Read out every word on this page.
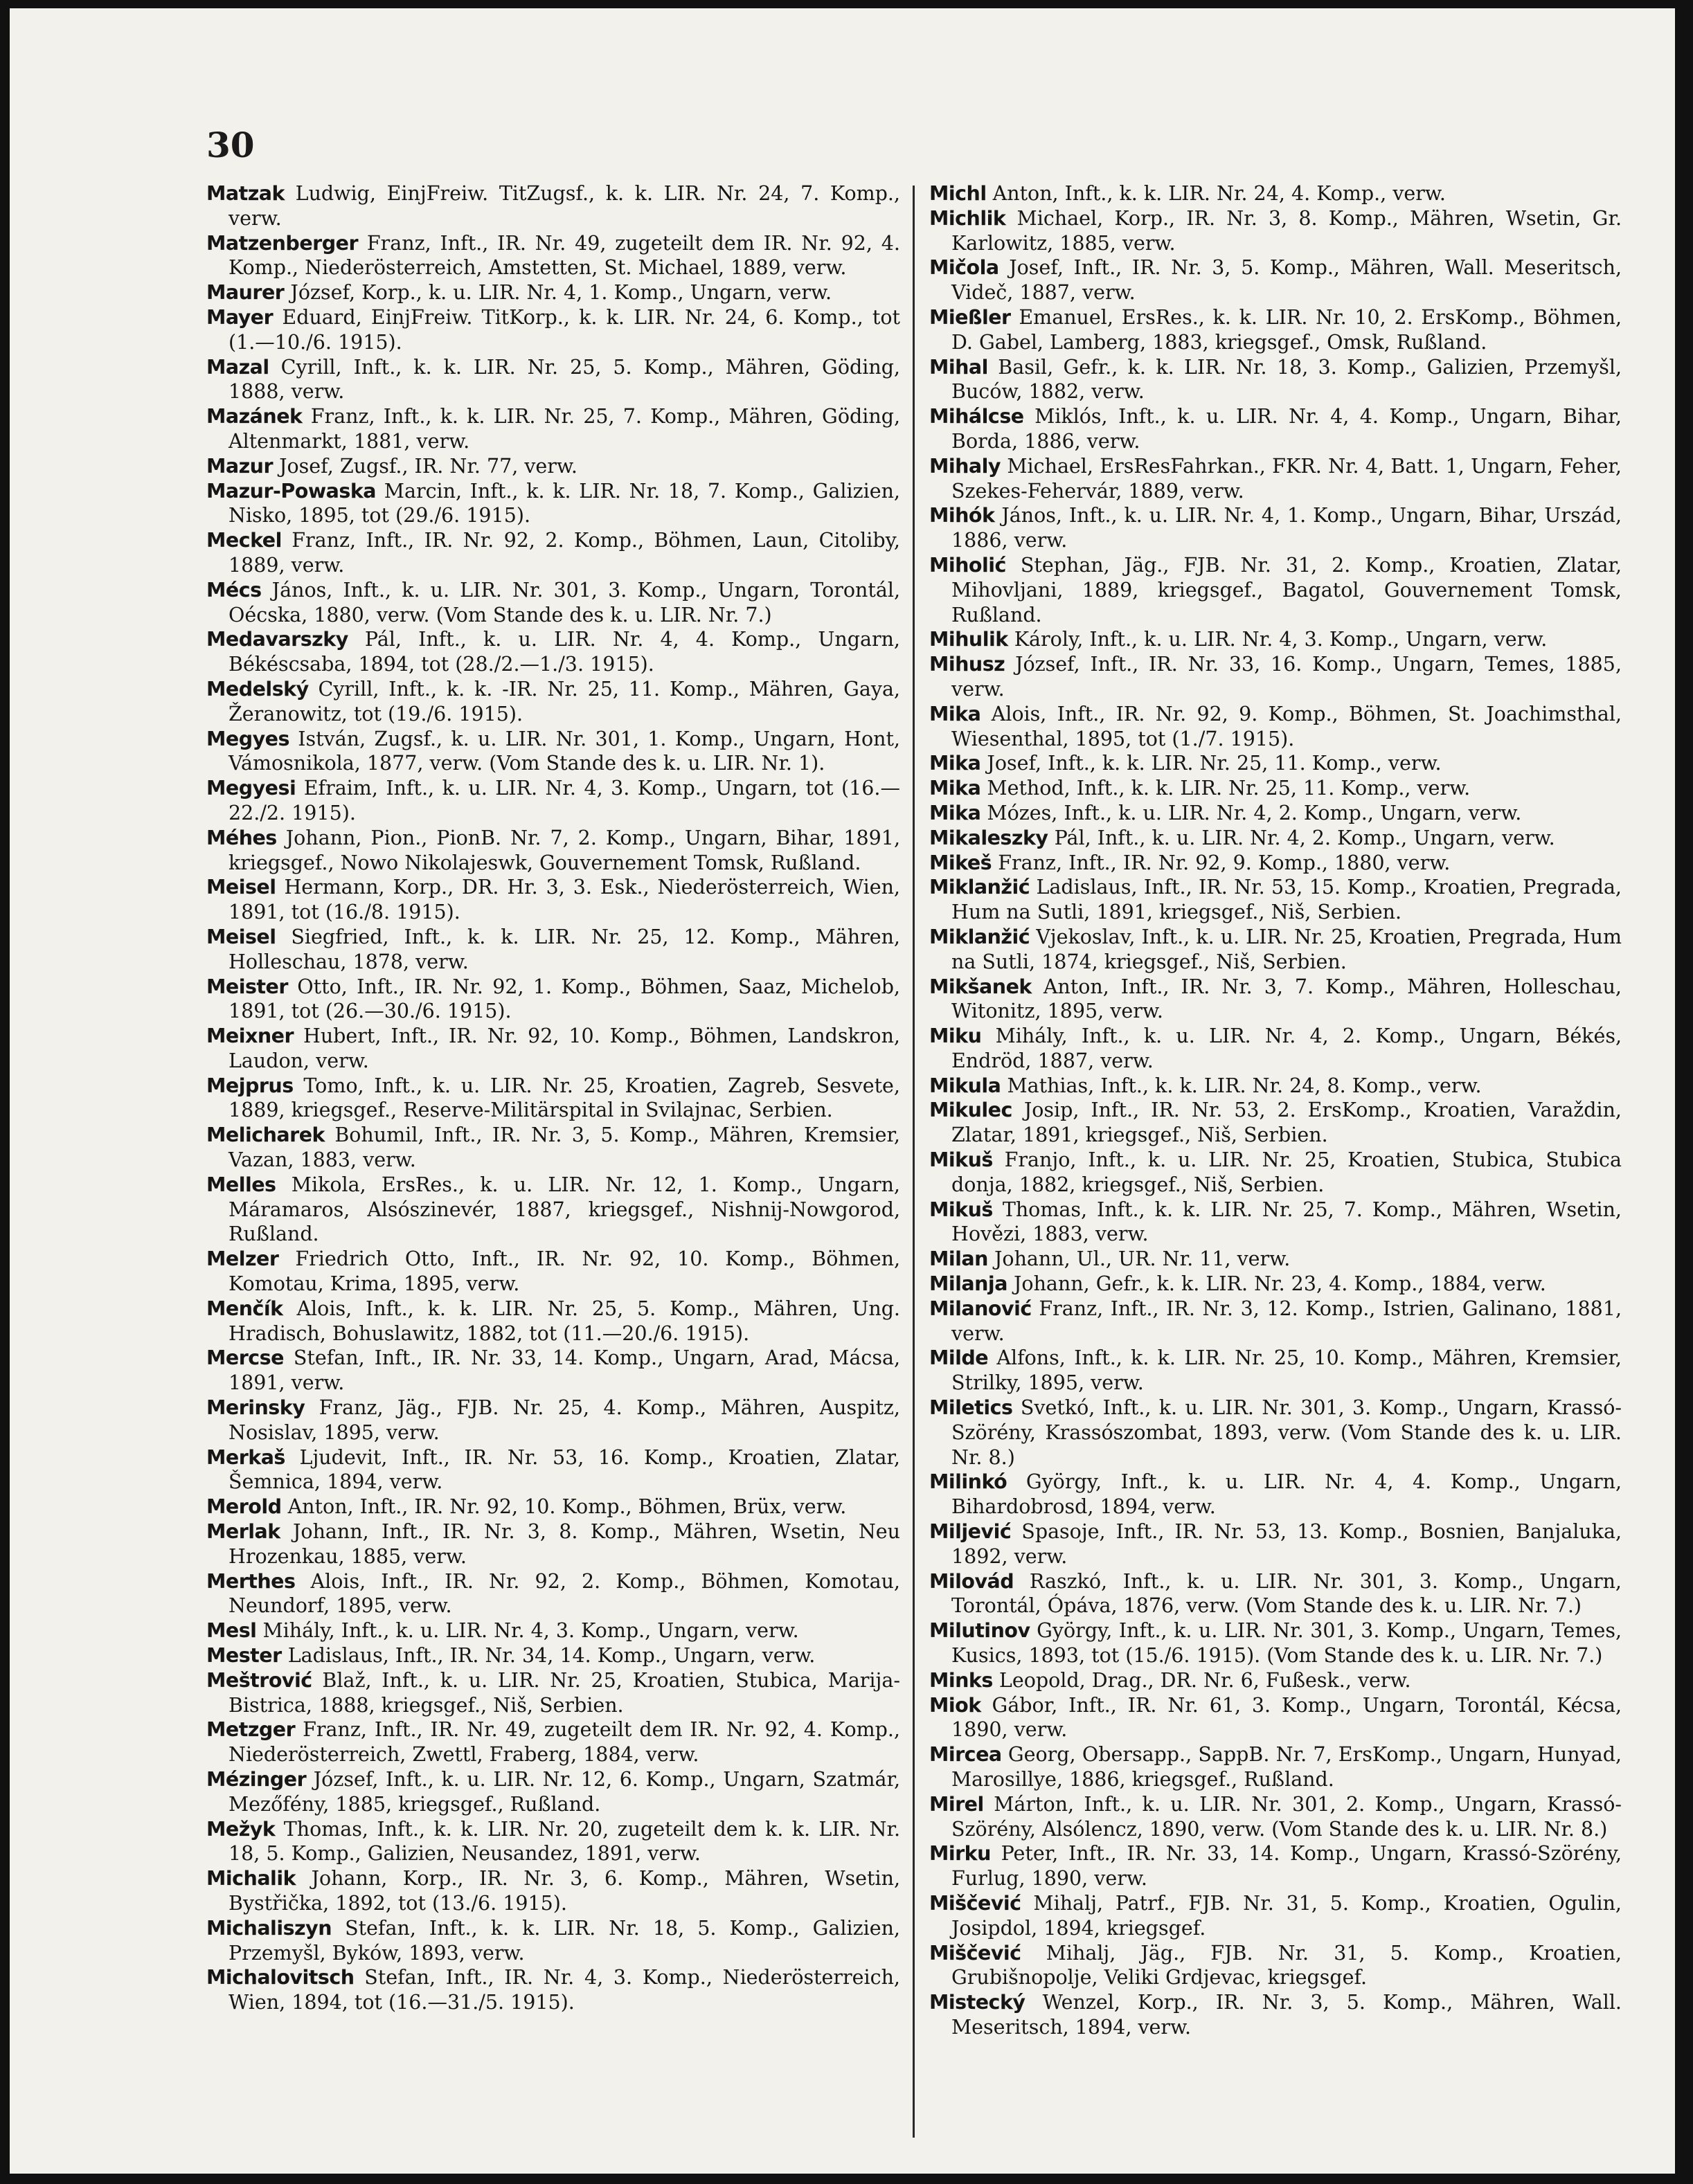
30
Matzak Ludwig, EinjFreiw. TitZugsf., k. k. LIR. Nr. 24, 7. Komp., verw.
Matzenberger Franz, Inft., IR. Nr. 49, zugeteilt dem IR. Nr. 92, 4. Komp., Niederösterreich, Amstetten, St. Michael, 1889, verw.
Maurer József, Korp., k. u. LIR. Nr. 4, 1. Komp., Ungarn, verw.
Mayer Eduard, EinjFreiw. TitKorp., k. k. LIR. Nr. 24, 6. Komp., tot (1.—10./6. 1915).
Mazal Cyrill, Inft., k. k. LIR. Nr. 25, 5. Komp., Mähren, Göding, 1888, verw.
Mazánek Franz, Inft., k. k. LIR. Nr. 25, 7. Komp., Mähren, Göding, Altenmarkt, 1881, verw.
Mazur Josef, Zugsf., IR. Nr. 77, verw.
Mazur-Powaska Marcin, Inft., k. k. LIR. Nr. 18, 7. Komp., Galizien, Nisko, 1895, tot (29./6. 1915).
Meckel Franz, Inft., IR. Nr. 92, 2. Komp., Böhmen, Laun, Citoliby, 1889, verw.
Mécs János, Inft., k. u. LIR. Nr. 301, 3. Komp., Ungarn, Torontál, Oécska, 1880, verw. (Vom Stande des k. u. LIR. Nr. 7.)
Medavarszky Pál, Inft., k. u. LIR. Nr. 4, 4. Komp., Ungarn, Békéscsaba, 1894, tot (28./2.—1./3. 1915).
Medelský Cyrill, Inft., k. k. -IR. Nr. 25, 11. Komp., Mähren, Gaya, Žeranowitz, tot (19./6. 1915).
Megyes István, Zugsf., k. u. LIR. Nr. 301, 1. Komp., Ungarn, Hont, Vámosnikola, 1877, verw. (Vom Stande des k. u. LIR. Nr. 1).
Megyesi Efraim, Inft., k. u. LIR. Nr. 4, 3. Komp., Ungarn, tot (16.—22./2. 1915).
Méhes Johann, Pion., PionB. Nr. 7, 2. Komp., Ungarn, Bihar, 1891, kriegsgef., Nowo Nikolajeswk, Gouvernement Tomsk, Rußland.
Meisel Hermann, Korp., DR. Hr. 3, 3. Esk., Niederösterreich, Wien, 1891, tot (16./8. 1915).
Meisel Siegfried, Inft., k. k. LIR. Nr. 25, 12. Komp., Mähren, Holleschau, 1878, verw.
Meister Otto, Inft., IR. Nr. 92, 1. Komp., Böhmen, Saaz, Michelob, 1891, tot (26.—30./6. 1915).
Meixner Hubert, Inft., IR. Nr. 92, 10. Komp., Böhmen, Landskron, Laudon, verw.
Mejprus Tomo, Inft., k. u. LIR. Nr. 25, Kroatien, Zagreb, Sesvete, 1889, kriegsgef., Reserve-Militärspital in Svilajnac, Serbien.
Melicharek Bohumil, Inft., IR. Nr. 3, 5. Komp., Mähren, Kremsier, Vazan, 1883, verw.
Melles Mikola, ErsRes., k. u. LIR. Nr. 12, 1. Komp., Ungarn, Máramaros, Alsószinevér, 1887, kriegsgef., Nishnij-Nowgorod, Rußland.
Melzer Friedrich Otto, Inft., IR. Nr. 92, 10. Komp., Böhmen, Komotau, Krima, 1895, verw.
Menčík Alois, Inft., k. k. LIR. Nr. 25, 5. Komp., Mähren, Ung. Hradisch, Bohuslawitz, 1882, tot (11.—20./6. 1915).
Mercse Stefan, Inft., IR. Nr. 33, 14. Komp., Ungarn, Arad, Mácsa, 1891, verw.
Merinsky Franz, Jäg., FJB. Nr. 25, 4. Komp., Mähren, Auspitz, Nosislav, 1895, verw.
Merkaš Ljudevit, Inft., IR. Nr. 53, 16. Komp., Kroatien, Zlatar, Šemnica, 1894, verw.
Merold Anton, Inft., IR. Nr. 92, 10. Komp., Böhmen, Brüx, verw.
Merlak Johann, Inft., IR. Nr. 3, 8. Komp., Mähren, Wsetin, Neu Hrozenkau, 1885, verw.
Merthes Alois, Inft., IR. Nr. 92, 2. Komp., Böhmen, Komotau, Neundorf, 1895, verw.
Mesl Mihály, Inft., k. u. LIR. Nr. 4, 3. Komp., Ungarn, verw.
Mester Ladislaus, Inft., IR. Nr. 34, 14. Komp., Ungarn, verw.
Meštrović Blaž, Inft., k. u. LIR. Nr. 25, Kroatien, Stubica, Marija-Bistrica, 1888, kriegsgef., Niš, Serbien.
Metzger Franz, Inft., IR. Nr. 49, zugeteilt dem IR. Nr. 92, 4. Komp., Niederösterreich, Zwettl, Fraberg, 1884, verw.
Mézinger József, Inft., k. u. LIR. Nr. 12, 6. Komp., Ungarn, Szatmár, Mezőfény, 1885, kriegsgef., Rußland.
Mežyk Thomas, Inft., k. k. LIR. Nr. 20, zugeteilt dem k. k. LIR. Nr. 18, 5. Komp., Galizien, Neusandez, 1891, verw.
Michalik Johann, Korp., IR. Nr. 3, 6. Komp., Mähren, Wsetin, Bystřička, 1892, tot (13./6. 1915).
Michaliszyn Stefan, Inft., k. k. LIR. Nr. 18, 5. Komp., Galizien, Przemyšl, Byków, 1893, verw.
Michalovitsch Stefan, Inft., IR. Nr. 4, 3. Komp., Niederösterreich, Wien, 1894, tot (16.—31./5. 1915).
Michl Anton, Inft., k. k. LIR. Nr. 24, 4. Komp., verw.
Michlik Michael, Korp., IR. Nr. 3, 8. Komp., Mähren, Wsetin, Gr. Karlowitz, 1885, verw.
Mičola Josef, Inft., IR. Nr. 3, 5. Komp., Mähren, Wall. Meseritsch, Videč, 1887, verw.
Mießler Emanuel, ErsRes., k. k. LIR. Nr. 10, 2. ErsKomp., Böhmen, D. Gabel, Lamberg, 1883, kriegsgef., Omsk, Rußland.
Mihal Basil, Gefr., k. k. LIR. Nr. 18, 3. Komp., Galizien, Przemyšl, Buców, 1882, verw.
Mihálcse Miklós, Inft., k. u. LIR. Nr. 4, 4. Komp., Ungarn, Bihar, Borda, 1886, verw.
Mihaly Michael, ErsResFahrkan., FKR. Nr. 4, Batt. 1, Ungarn, Feher, Szekes-Fehervár, 1889, verw.
Mihók János, Inft., k. u. LIR. Nr. 4, 1. Komp., Ungarn, Bihar, Urszád, 1886, verw.
Miholić Stephan, Jäg., FJB. Nr. 31, 2. Komp., Kroatien, Zlatar, Mihovljani, 1889, kriegsgef., Bagatol, Gouvernement Tomsk, Rußland.
Mihulik Károly, Inft., k. u. LIR. Nr. 4, 3. Komp., Ungarn, verw.
Mihusz József, Inft., IR. Nr. 33, 16. Komp., Ungarn, Temes, 1885, verw.
Mika Alois, Inft., IR. Nr. 92, 9. Komp., Böhmen, St. Joachimsthal, Wiesenthal, 1895, tot (1./7. 1915).
Mika Josef, Inft., k. k. LIR. Nr. 25, 11. Komp., verw.
Mika Method, Inft., k. k. LIR. Nr. 25, 11. Komp., verw.
Mika Mózes, Inft., k. u. LIR. Nr. 4, 2. Komp., Ungarn, verw.
Mikaleszky Pál, Inft., k. u. LIR. Nr. 4, 2. Komp., Ungarn, verw.
Mikeš Franz, Inft., IR. Nr. 92, 9. Komp., 1880, verw.
Miklanžić Ladislaus, Inft., IR. Nr. 53, 15. Komp., Kroatien, Pregrada, Hum na Sutli, 1891, kriegsgef., Niš, Serbien.
Miklanžić Vjekoslav, Inft., k. u. LIR. Nr. 25, Kroatien, Pregrada, Hum na Sutli, 1874, kriegsgef., Niš, Serbien.
Mikšanek Anton, Inft., IR. Nr. 3, 7. Komp., Mähren, Holleschau, Witonitz, 1895, verw.
Miku Mihály, Inft., k. u. LIR. Nr. 4, 2. Komp., Ungarn, Békés, Endröd, 1887, verw.
Mikula Mathias, Inft., k. k. LIR. Nr. 24, 8. Komp., verw.
Mikulec Josip, Inft., IR. Nr. 53, 2. ErsKomp., Kroatien, Varaždin, Zlatar, 1891, kriegsgef., Niš, Serbien.
Mikuš Franjo, Inft., k. u. LIR. Nr. 25, Kroatien, Stubica, Stubica donja, 1882, kriegsgef., Niš, Serbien.
Mikuš Thomas, Inft., k. k. LIR. Nr. 25, 7. Komp., Mähren, Wsetin, Hovězi, 1883, verw.
Milan Johann, Ul., UR. Nr. 11, verw.
Milanja Johann, Gefr., k. k. LIR. Nr. 23, 4. Komp., 1884, verw.
Milanović Franz, Inft., IR. Nr. 3, 12. Komp., Istrien, Galinano, 1881, verw.
Milde Alfons, Inft., k. k. LIR. Nr. 25, 10. Komp., Mähren, Kremsier, Strilky, 1895, verw.
Miletics Svetkó, Inft., k. u. LIR. Nr. 301, 3. Komp., Ungarn, Krassó-Szörény, Krassószombat, 1893, verw. (Vom Stande des k. u. LIR. Nr. 8.)
Milinkó György, Inft., k. u. LIR. Nr. 4, 4. Komp., Ungarn, Bihardobrosd, 1894, verw.
Miljević Spasoje, Inft., IR. Nr. 53, 13. Komp., Bosnien, Banjaluka, 1892, verw.
Milovád Raszkó, Inft., k. u. LIR. Nr. 301, 3. Komp., Ungarn, Torontál, Ópáva, 1876, verw. (Vom Stande des k. u. LIR. Nr. 7.)
Milutinov György, Inft., k. u. LIR. Nr. 301, 3. Komp., Ungarn, Temes, Kusics, 1893, tot (15./6. 1915). (Vom Stande des k. u. LIR. Nr. 7.)
Minks Leopold, Drag., DR. Nr. 6, Fußesk., verw.
Miok Gábor, Inft., IR. Nr. 61, 3. Komp., Ungarn, Torontál, Kécsa, 1890, verw.
Mircea Georg, Obersapp., SappB. Nr. 7, ErsKomp., Ungarn, Hunyad, Marosillye, 1886, kriegsgef., Rußland.
Mirel Márton, Inft., k. u. LIR. Nr. 301, 2. Komp., Ungarn, Krassó-Szörény, Alsólencz, 1890, verw. (Vom Stande des k. u. LIR. Nr. 8.)
Mirku Peter, Inft., IR. Nr. 33, 14. Komp., Ungarn, Krassó-Szörény, Furlug, 1890, verw.
Miščević Mihalj, Patrf., FJB. Nr. 31, 5. Komp., Kroatien, Ogulin, Josipdol, 1894, kriegsgef.
Miščević Mihalj, Jäg., FJB. Nr. 31, 5. Komp., Kroatien, Grubišnopolje, Veliki Grdjevac, kriegsgef.
Mistecký Wenzel, Korp., IR. Nr. 3, 5. Komp., Mähren, Wall. Meseritsch, 1894, verw.
